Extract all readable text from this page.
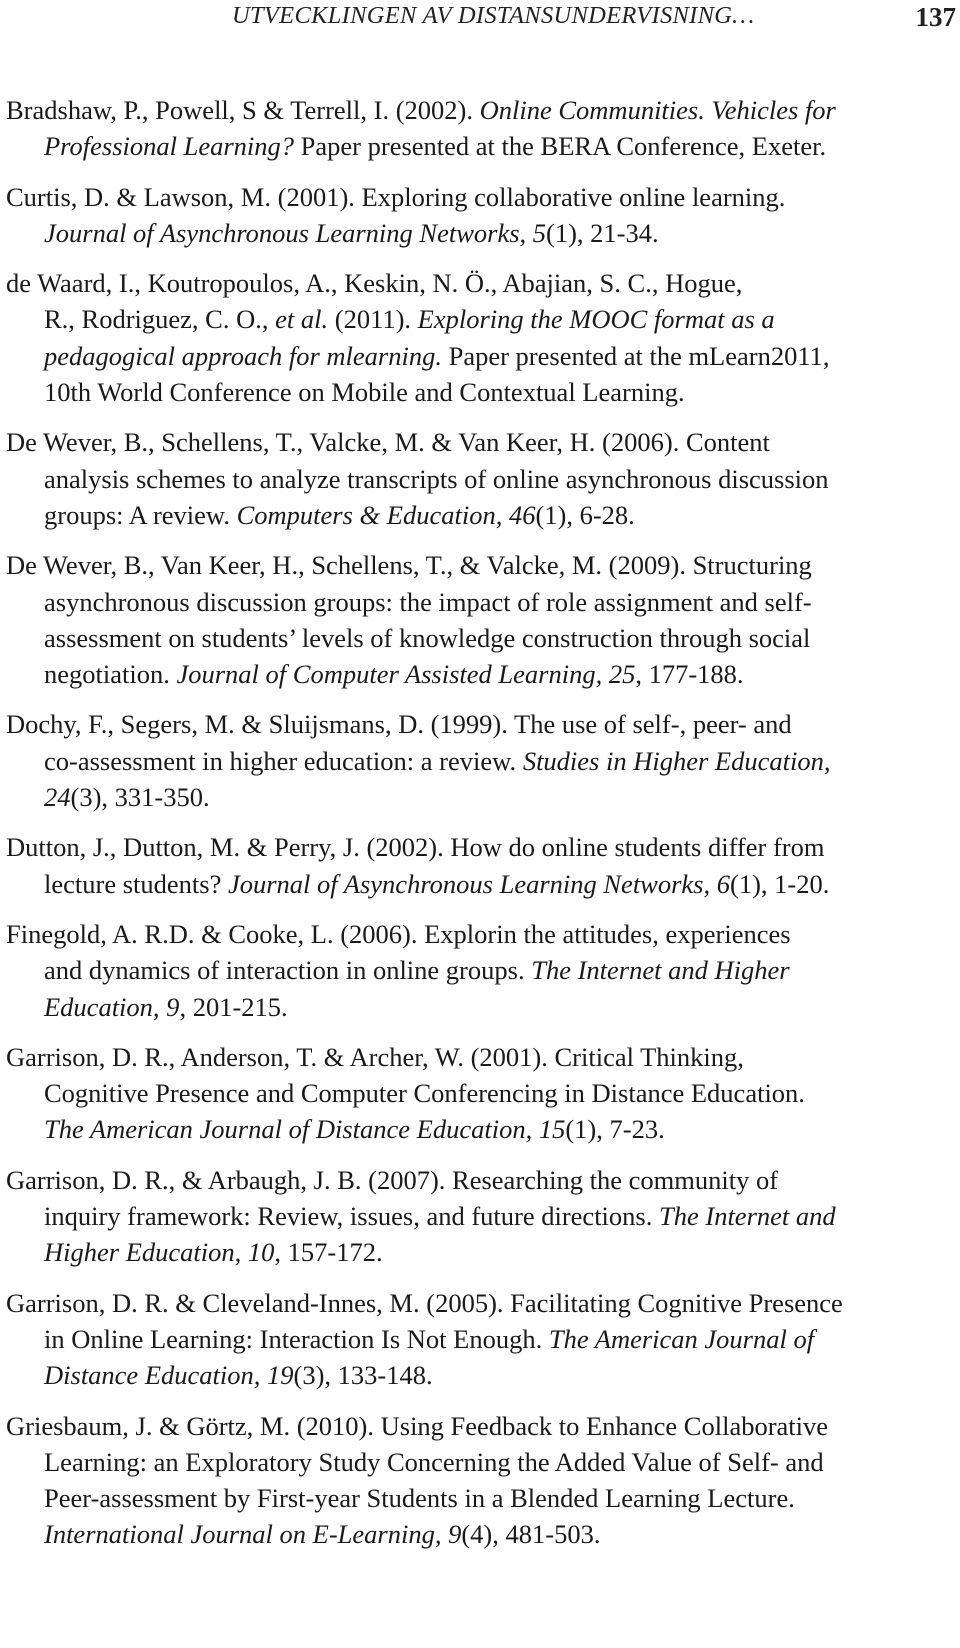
UTVECKLINGEN AV DISTANSUNDERVISNING…	137
Bradshaw, P., Powell, S & Terrell, I. (2002). Online Communities. Vehicles for
Professional Learning? Paper presented at the BERA Conference, Exeter.
Curtis, D. & Lawson, M. (2001). Exploring collaborative online learning.
Journal of Asynchronous Learning Networks, 5(1), 21-34.
de Waard, I., Koutropoulos, A., Keskin, N. Ö., Abajian, S. C., Hogue,
R., Rodriguez, C. O., et al. (2011). Exploring the MOOC format as a
pedagogical approach for mlearning. Paper presented at the mLearn2011,
10th World Conference on Mobile and Contextual Learning.
De Wever, B., Schellens, T., Valcke, M. & Van Keer, H. (2006). Content
analysis schemes to analyze transcripts of online asynchronous discussion
groups: A review. Computers & Education, 46(1), 6-28.
De Wever, B., Van Keer, H., Schellens, T., & Valcke, M. (2009). Structuring
asynchronous discussion groups: the impact of role assignment and self-
assessment on students’ levels of knowledge construction through social
negotiation. Journal of Computer Assisted Learning, 25, 177-188.
Dochy, F., Segers, M. & Sluijsmans, D. (1999). The use of self-, peer- and
co-assessment in higher education: a review. Studies in Higher Education,
24(3), 331-350.
Dutton, J., Dutton, M. & Perry, J. (2002). How do online students differ from
lecture students? Journal of Asynchronous Learning Networks, 6(1), 1-20.
Finegold, A. R.D. & Cooke, L. (2006). Explorin the attitudes, experiences
and dynamics of interaction in online groups. The Internet and Higher
Education, 9, 201-215.
Garrison, D. R., Anderson, T. & Archer, W. (2001). Critical Thinking,
Cognitive Presence and Computer Conferencing in Distance Education.
The American Journal of Distance Education, 15(1), 7-23.
Garrison, D. R., & Arbaugh, J. B. (2007). Researching the community of
inquiry framework: Review, issues, and future directions. The Internet and
Higher Education, 10, 157-172.
Garrison, D. R. & Cleveland-Innes, M. (2005). Facilitating Cognitive Presence
in Online Learning: Interaction Is Not Enough. The American Journal of
Distance Education, 19(3), 133-148.
Griesbaum, J. & Görtz, M. (2010). Using Feedback to Enhance Collaborative
Learning: an Exploratory Study Concerning the Added Value of Self- and
Peer-assessment by First-year Students in a Blended Learning Lecture.
International Journal on E-Learning, 9(4), 481-503.
